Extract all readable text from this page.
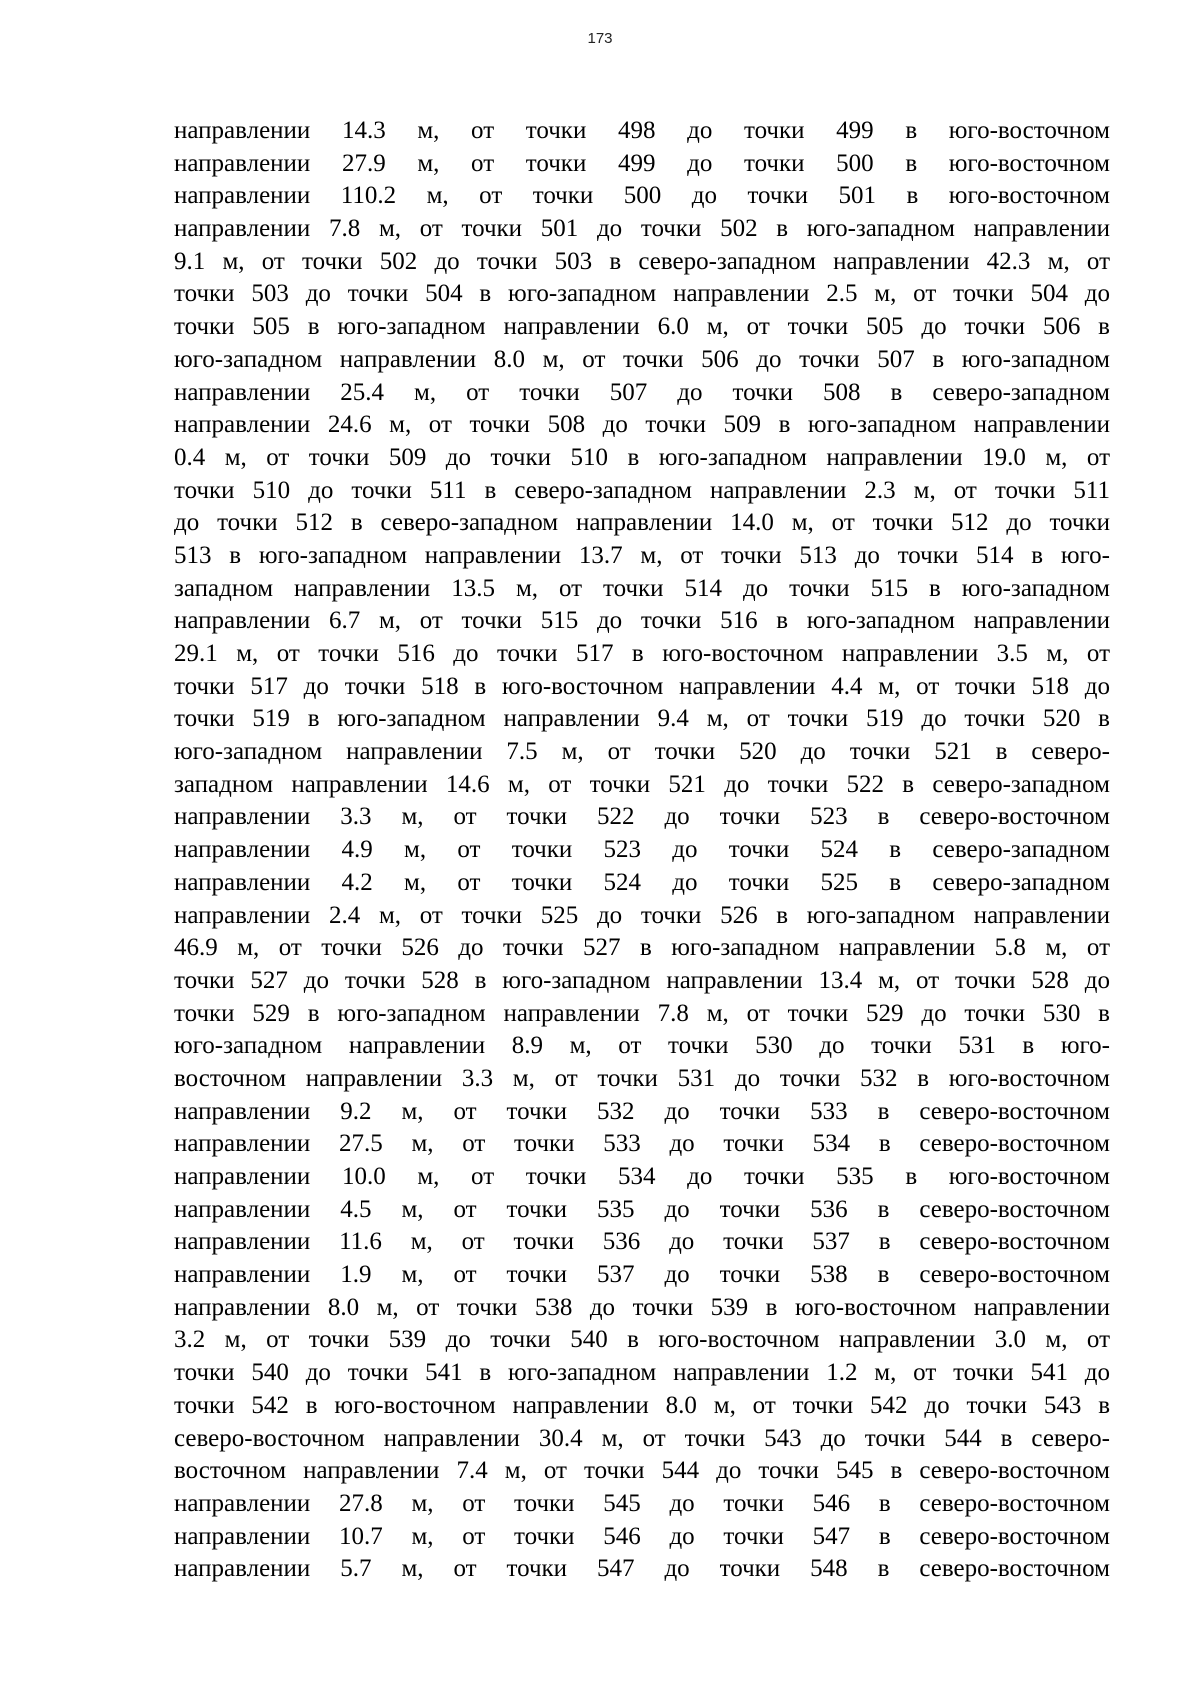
173
направлении 14.3 м, от точки 498 до точки 499 в юго-восточном
направлении 27.9 м, от точки 499 до точки 500 в юго-восточном
направлении 110.2 м, от точки 500 до точки 501 в юго-восточном
направлении 7.8 м, от точки 501 до точки 502 в юго-западном направлении
9.1 м, от точки 502 до точки 503 в северо-западном направлении 42.3 м, от
точки 503 до точки 504 в юго-западном направлении 2.5 м, от точки 504 до
точки 505 в юго-западном направлении 6.0 м, от точки 505 до точки 506 в
юго-западном направлении 8.0 м, от точки 506 до точки 507 в юго-западном
направлении 25.4 м, от точки 507 до точки 508 в северо-западном
направлении 24.6 м, от точки 508 до точки 509 в юго-западном направлении
0.4 м, от точки 509 до точки 510 в юго-западном направлении 19.0 м, от
точки 510 до точки 511 в северо-западном направлении 2.3 м, от точки 511
до точки 512 в северо-западном направлении 14.0 м, от точки 512 до точки
513 в юго-западном направлении 13.7 м, от точки 513 до точки 514 в юго-
западном направлении 13.5 м, от точки 514 до точки 515 в юго-западном
направлении 6.7 м, от точки 515 до точки 516 в юго-западном направлении
29.1 м, от точки 516 до точки 517 в юго-восточном направлении 3.5 м, от
точки 517 до точки 518 в юго-восточном направлении 4.4 м, от точки 518 до
точки 519 в юго-западном направлении 9.4 м, от точки 519 до точки 520 в
юго-западном направлении 7.5 м, от точки 520 до точки 521 в северо-
западном направлении 14.6 м, от точки 521 до точки 522 в северо-западном
направлении 3.3 м, от точки 522 до точки 523 в северо-восточном
направлении 4.9 м, от точки 523 до точки 524 в северо-западном
направлении 4.2 м, от точки 524 до точки 525 в северо-западном
направлении 2.4 м, от точки 525 до точки 526 в юго-западном направлении
46.9 м, от точки 526 до точки 527 в юго-западном направлении 5.8 м, от
точки 527 до точки 528 в юго-западном направлении 13.4 м, от точки 528 до
точки 529 в юго-западном направлении 7.8 м, от точки 529 до точки 530 в
юго-западном направлении 8.9 м, от точки 530 до точки 531 в юго-
восточном направлении 3.3 м, от точки 531 до точки 532 в юго-восточном
направлении 9.2 м, от точки 532 до точки 533 в северо-восточном
направлении 27.5 м, от точки 533 до точки 534 в северо-восточном
направлении 10.0 м, от точки 534 до точки 535 в юго-восточном
направлении 4.5 м, от точки 535 до точки 536 в северо-восточном
направлении 11.6 м, от точки 536 до точки 537 в северо-восточном
направлении 1.9 м, от точки 537 до точки 538 в северо-восточном
направлении 8.0 м, от точки 538 до точки 539 в юго-восточном направлении
3.2 м, от точки 539 до точки 540 в юго-восточном направлении 3.0 м, от
точки 540 до точки 541 в юго-западном направлении 1.2 м, от точки 541 до
точки 542 в юго-восточном направлении 8.0 м, от точки 542 до точки 543 в
северо-восточном направлении 30.4 м, от точки 543 до точки 544 в северо-
восточном направлении 7.4 м, от точки 544 до точки 545 в северо-восточном
направлении 27.8 м, от точки 545 до точки 546 в северо-восточном
направлении 10.7 м, от точки 546 до точки 547 в северо-восточном
направлении 5.7 м, от точки 547 до точки 548 в северо-восточном
